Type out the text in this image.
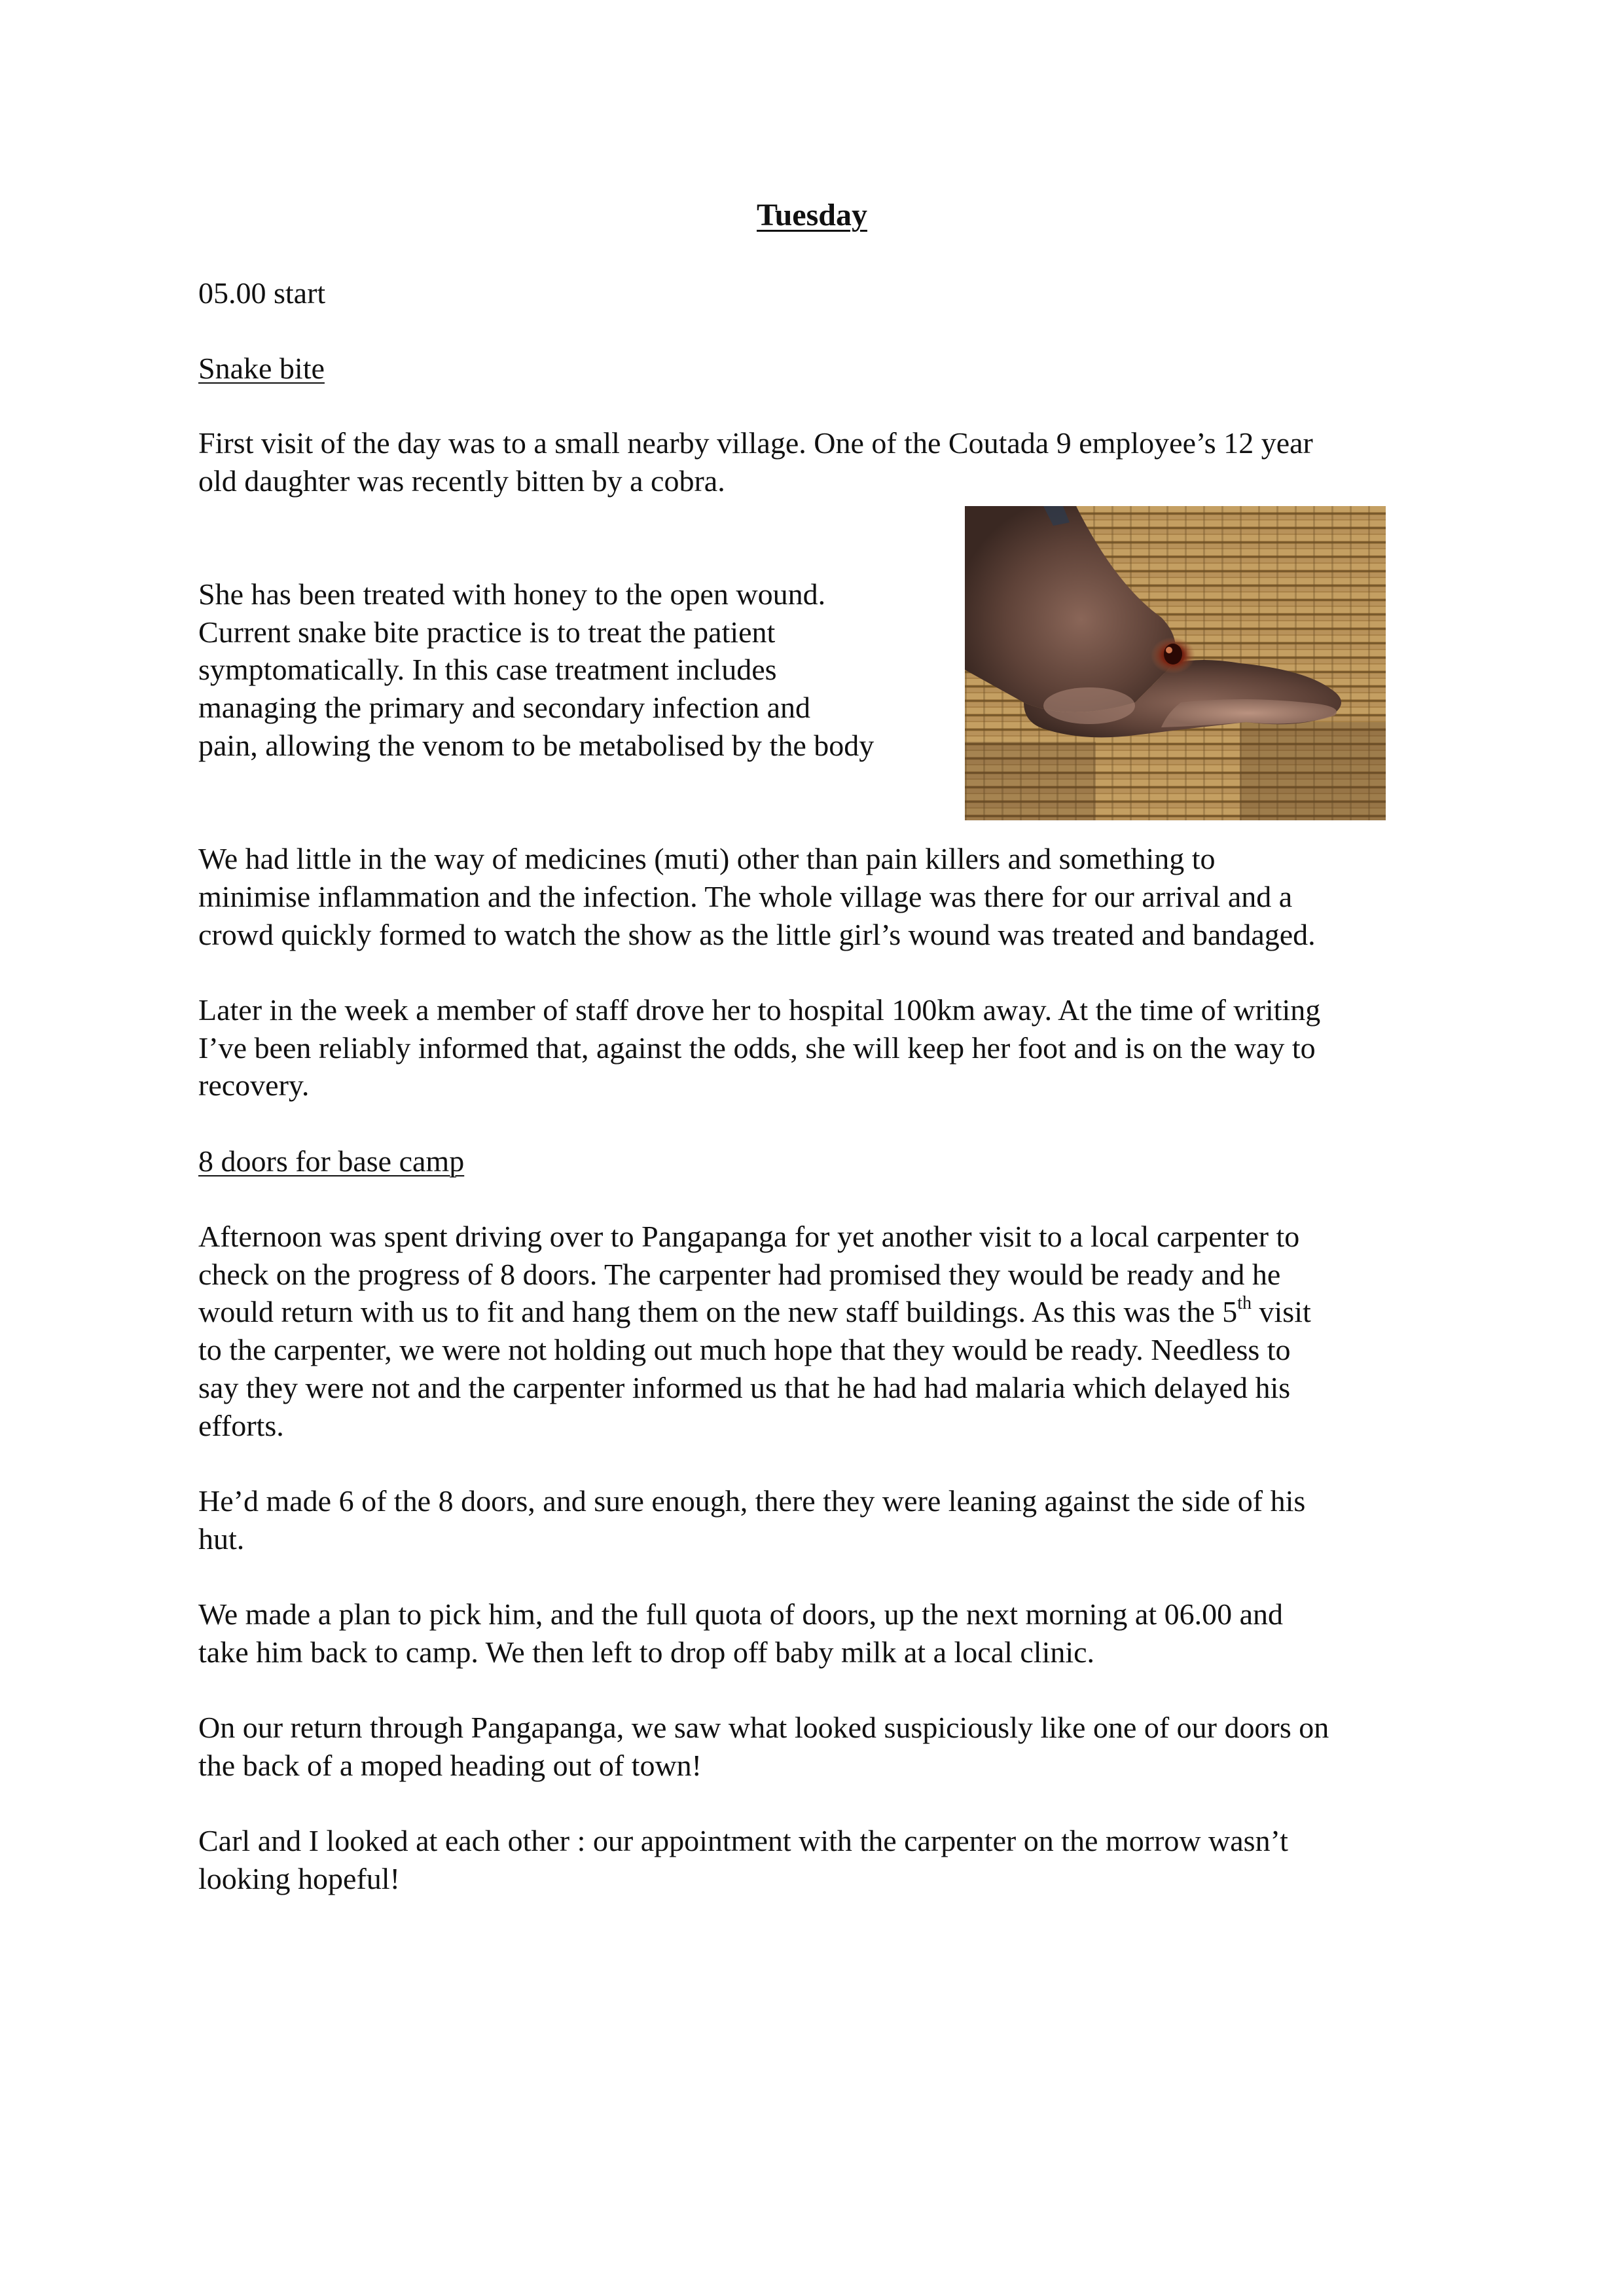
Tuesday

05.00 start

Snake bite

First visit of the day was to a small nearby village. One of the Coutada 9 employee’s 12 year

old daughter was recently bitten by a cobra.

She has been treated with honey to the open wound.

Current snake bite practice is to treat the patient

symptomatically. In this case treatment includes

managing the primary and secondary infection and

pain, allowing the venom to be metabolised by the body

We had little in the way of medicines (muti) other than pain killers and something to

minimise inflammation and the infection. The whole village was there for our arrival and a

crowd quickly formed to watch the show as the little girl’s wound was treated and bandaged.

Later in the week a member of staff drove her to hospital 100km away. At the time of writing

I’ve been reliably informed that, against the odds, she will keep her foot and is on the way to

recovery.

8 doors for base camp

Afternoon was spent driving over to Pangapanga for yet another visit to a local carpenter to

check on the progress of 8 doors. The carpenter had promised they would be ready and he

would return with us to fit and hang them on the new staff buildings. As this was the 5th visit

to the carpenter, we were not holding out much hope that they would be ready. Needless to

say they were not and the carpenter informed us that he had had malaria which delayed his

efforts.

He’d made 6 of the 8 doors, and sure enough, there they were leaning against the side of his

hut.

We made a plan to pick him, and the full quota of doors, up the next morning at 06.00 and

take him back to camp. We then left to drop off baby milk at a local clinic.

On our return through Pangapanga, we saw what looked suspiciously like one of our doors on

the back of a moped heading out of town!

Carl and I looked at each other : our appointment with the carpenter on the morrow wasn’t

looking hopeful!
